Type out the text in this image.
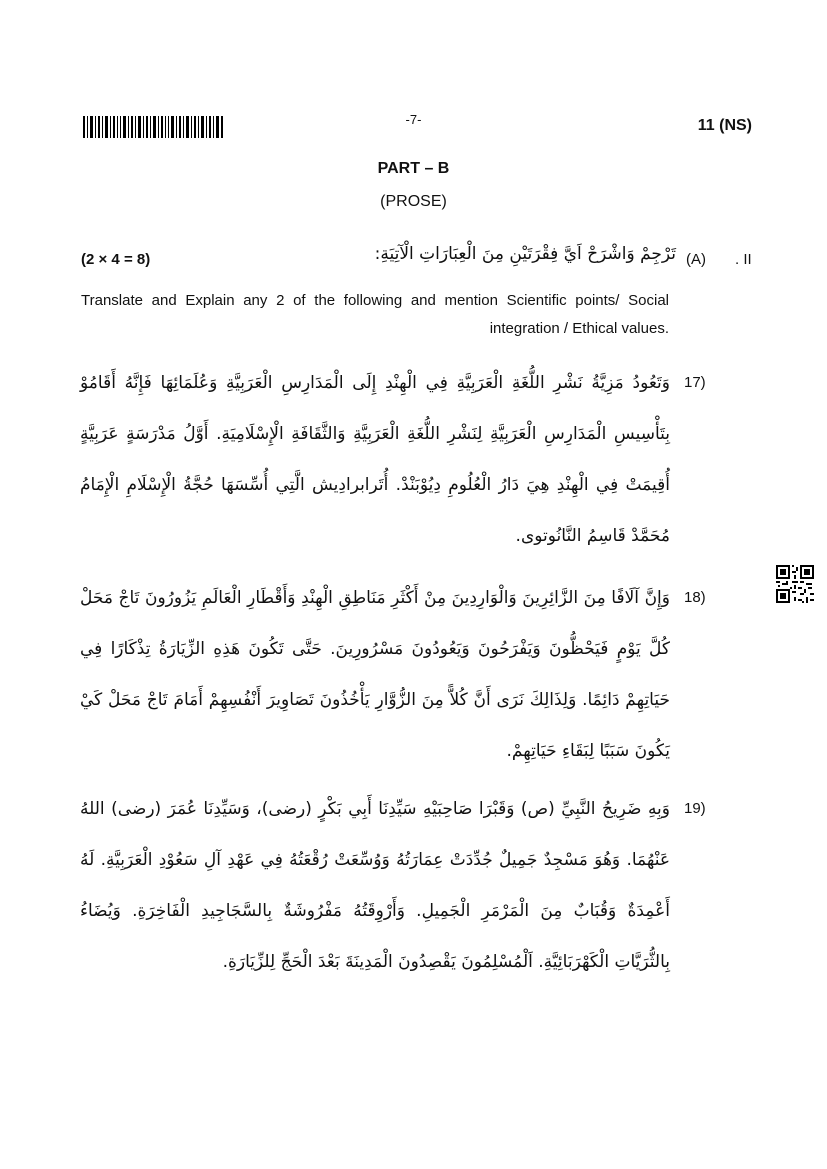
-7-	11 (NS)
PART – B
(PROSE)
(2 × 4 = 8)	تَرْجِمْ وَاشْرَحْ اَيَّ فِقْرَتَيْنِ مِنَ الْعِبَارَاتِ الْآتِيَةِ: (A) . II
Translate and Explain any 2 of the following and mention Scientific points/ Social integration / Ethical values.
17)
وَتَعُودُ مَزِيَّةُ نَشْرِ اللُّغَةِ الْعَرَبِيَّةِ فِي الْهِنْدِ إِلَى الْمَدَارِسِ الْعَرَبِيَّةِ وَعُلَمَائِهَا فَإِنَّهُ أَقَامُوْ بِتَأْسِيسِ الْمَدَارِسِ الْعَرَبِيَّةِ لِنَشْرِ اللُّغَةِ الْعَرَبِيَّةِ وَالثَّقَافَةِ الْإِسْلَامِيَةِ. أَوَّلُ مَدْرَسَةٍ عَرَبِيَّةٍ أُقِيمَتْ فِي الْهِنْدِ هِيَ دَارُ الْعُلُومِ دِيُوْبَنْدْ. أُتَرابرادِيش الَّتِي أُسِّسَهَا حُجَّةُ الْإِسْلَامِ الْإِمَامُ مُحَمَّدْ قَاسِمُ النَّانُوتوى.
18)
وَإِنَّ آلَافًا مِنَ الزَّائِرِينَ وَالْوَارِدِينَ مِنْ أَكْثَرِ مَنَاطِقِ الْهِنْدِ وَأَقْطَارِ الْعَالَمِ يَزُورُونَ تَاجْ مَحَلْ كُلَّ يَوْمٍ فَيَحْظُّونَ وَيَفْرَحُونَ وَيَعُودُونَ مَسْرُورِينَ. حَتَّى تَكُونَ هَذِهِ الزِّيَارَةُ تِذْكَارًا فِي حَيَاتِهِمْ دَائِمًا. وَلِذَالِكَ نَرَى أَنَّ كُلاًّ مِنَ الزُّوَّارِ يَأْخُذُونَ تَصَاوِيرَ أَنْفُسِهِمْ أَمَامَ تَاجْ مَحَلْ كَيْ يَكُونَ سَبَبًا لِبَقَاءِ حَيَاتِهِمْ.
19)
وَبِهِ ضَرِيحُ النَّبِيِّ (ص) وَقَبْرَا صَاحِبَيْهِ سَيِّدِنَا أَبِي بَكْرٍ (رضى)، وَسَيِّدِنَا عُمَرَ (رضى) اللهُ عَنْهُمَا. وَهُوَ مَسْجِدٌ جَمِيلٌ جُدِّدَتْ عِمَارَتُهُ وَوُسِّعَتْ رُقْعَتُهُ فِي عَهْدِ آلِ سَعُوْدِ الْعَرَبِيَّةِ. لَهُ أَعْمِدَةٌ وَقُبَابٌ مِنَ الْمَرْمَرِ الْجَمِيلِ. وَأَرْوِقَتُهُ مَفْرُوشَةٌ بِالسَّجَاجِيدِ الْفَاخِرَةِ. وَيُضَاءُ بِالثُّرَيَّاتِ الْكَهْرَبَائِيَّةِ. اَلْمُسْلِمُونَ يَقْصِدُونَ الْمَدِينَةَ بَعْدَ الْحَجِّ لِلزِّيَارَةِ.
